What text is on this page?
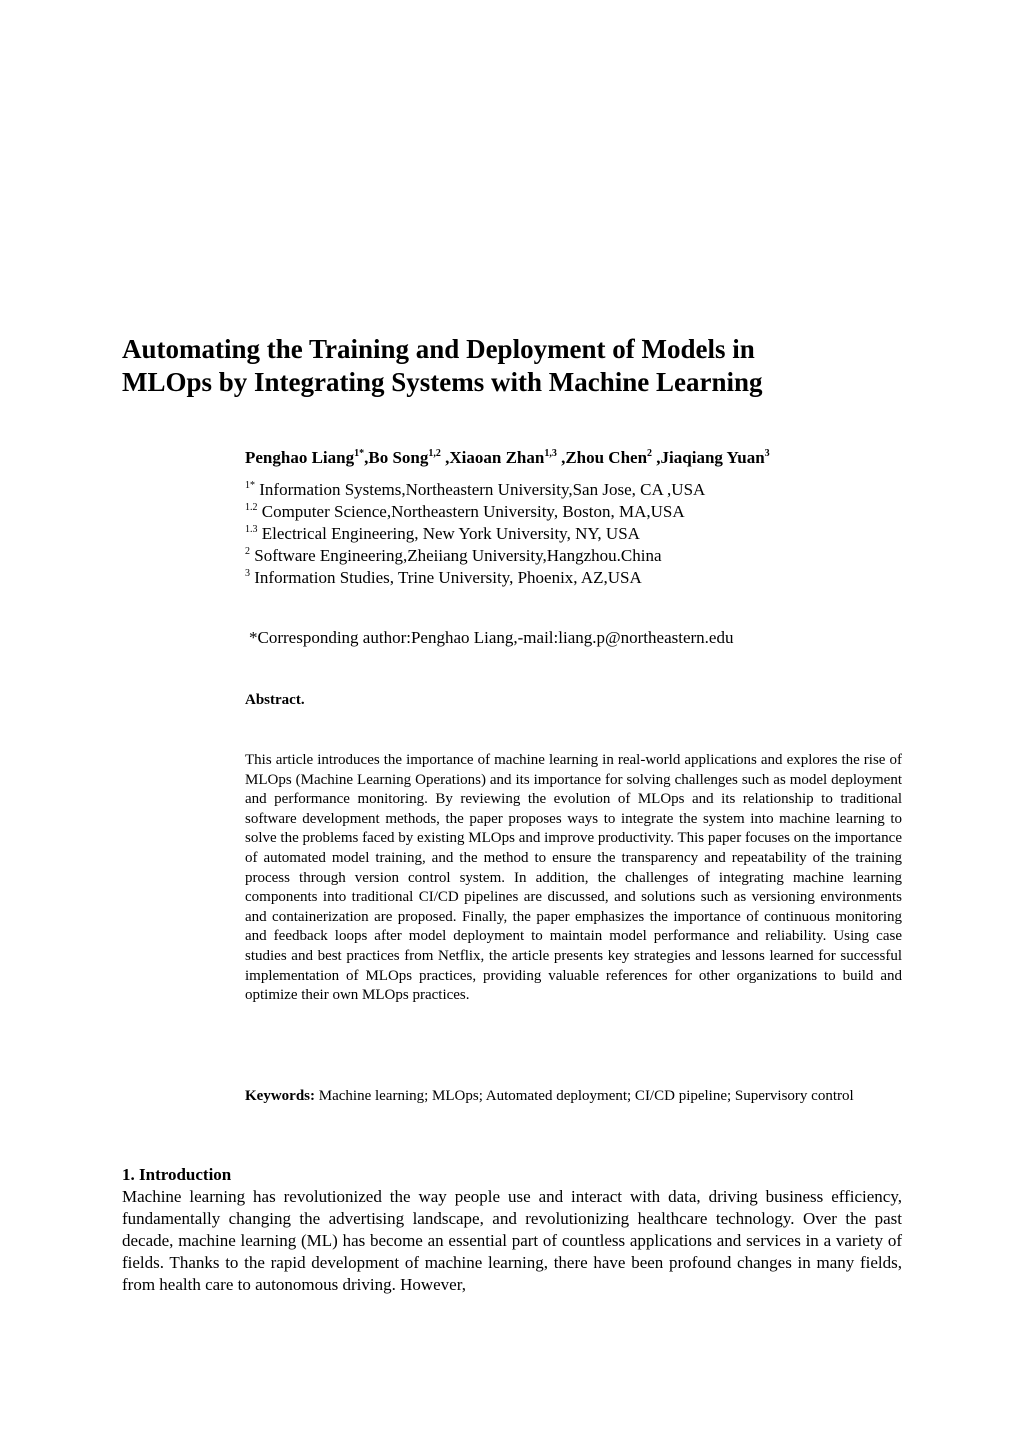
Automating the Training and Deployment of Models in
MLOps by Integrating Systems with Machine Learning

Penghao Liang$^{1*}$,Bo Song$^{1,2}$ ,Xiaoan Zhan$^{1,3}$ ,Zhou Chen$^2$ ,Jiaqiang Yuan$^3$

$^{1*}$ Information Systems,Northeastern University,San Jose, CA ,USA
$^{1.2}$ Computer Science,Northeastern University, Boston, MA,USA
$^{1.3}$ Electrical Engineering, New York University, NY, USA
$^2$ Software Engineering,Zheiiang University,Hangzhou.China
$^3$ Information Studies, Trine University, Phoenix, AZ,USA

*Corresponding author:Penghao Liang,-mail:liang.p@northeastern.edu

Abstract.

This article introduces the importance of machine learning in real-world applications and explores the rise of MLOps (Machine Learning Operations) and its importance for solving challenges such as model deployment and performance monitoring. By reviewing the evolution of MLOps and its relationship to traditional software development methods, the paper proposes ways to integrate the system into machine learning to solve the problems faced by existing MLOps and improve productivity. This paper focuses on the importance of automated model training, and the method to ensure the transparency and repeatability of the training process through version control system. In addition, the challenges of integrating machine learning components into traditional CI/CD pipelines are discussed, and solutions such as versioning environments and containerization are proposed. Finally, the paper emphasizes the importance of continuous monitoring and feedback loops after model deployment to maintain model performance and reliability. Using case studies and best practices from Netflix, the article presents key strategies and lessons learned for successful implementation of MLOps practices, providing valuable references for other organizations to build and optimize their own MLOps practices.

Keywords: Machine learning; MLOps; Automated deployment; CI/CD pipeline; Supervisory control

1. Introduction

Machine learning has revolutionized the way people use and interact with data, driving business efficiency, fundamentally changing the advertising landscape, and revolutionizing healthcare technology. Over the past decade, machine learning (ML) has become an essential part of countless applications and services in a variety of fields. Thanks to the rapid development of machine learning, there have been profound changes in many fields, from health care to autonomous driving. However,
